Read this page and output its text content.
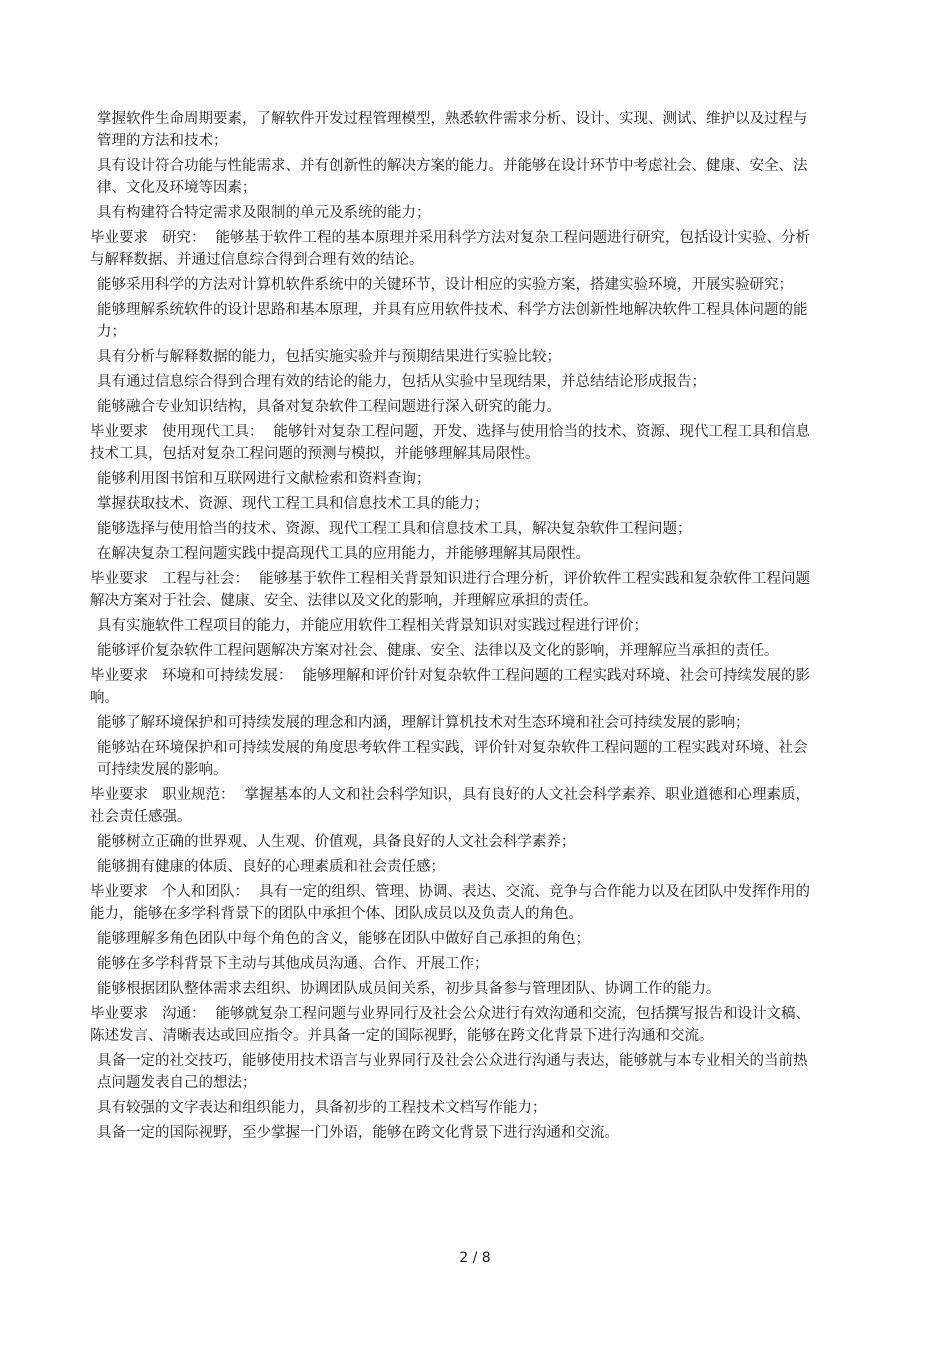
掌握软件生命周期要素，了解软件开发过程管理模型，熟悉软件需求分析、设计、实现、测试、维护以及过程与管理的方法和技术；

具有设计符合功能与性能需求、并有创新性的解决方案的能力。并能够在设计环节中考虑社会、健康、安全、法律、文化及环境等因素；

具有构建符合特定需求及限制的单元及系统的能力；

毕业要求 研究： 能够基于软件工程的基本原理并采用科学方法对复杂工程问题进行研究，包括设计实验、分析与解释数据、并通过信息综合得到合理有效的结论。

能够采用科学的方法对计算机软件系统中的关键环节，设计相应的实验方案，搭建实验环境，开展实验研究；

能够理解系统软件的设计思路和基本原理，并具有应用软件技术、科学方法创新性地解决软件工程具体问题的能力；

具有分析与解释数据的能力，包括实施实验并与预期结果进行实验比较；

具有通过信息综合得到合理有效的结论的能力，包括从实验中呈现结果，并总结结论形成报告；

能够融合专业知识结构，具备对复杂软件工程问题进行深入研究的能力。

毕业要求 使用现代工具： 能够针对复杂工程问题，开发、选择与使用恰当的技术、资源、现代工程工具和信息技术工具，包括对复杂工程问题的预测与模拟，并能够理解其局限性。

能够利用图书馆和互联网进行文献检索和资料查询；

掌握获取技术、资源、现代工程工具和信息技术工具的能力；

能够选择与使用恰当的技术、资源、现代工程工具和信息技术工具，解决复杂软件工程问题；

在解决复杂工程问题实践中提高现代工具的应用能力，并能够理解其局限性。

毕业要求 工程与社会： 能够基于软件工程相关背景知识进行合理分析，评价软件工程实践和复杂软件工程问题解决方案对于社会、健康、安全、法律以及文化的影响，并理解应承担的责任。

具有实施软件工程项目的能力，并能应用软件工程相关背景知识对实践过程进行评价；

能够评价复杂软件工程问题解决方案对社会、健康、安全、法律以及文化的影响，并理解应当承担的责任。

毕业要求 环境和可持续发展： 能够理解和评价针对复杂软件工程问题的工程实践对环境、社会可持续发展的影响。

能够了解环境保护和可持续发展的理念和内涵，理解计算机技术对生态环境和社会可持续发展的影响；

能够站在环境保护和可持续发展的角度思考软件工程实践，评价针对复杂软件工程问题的工程实践对环境、社会可持续发展的影响。

毕业要求 职业规范： 掌握基本的人文和社会科学知识，具有良好的人文社会科学素养、职业道德和心理素质，社会责任感强。

能够树立正确的世界观、人生观、价值观，具备良好的人文社会科学素养；

能够拥有健康的体质、良好的心理素质和社会责任感；

毕业要求 个人和团队： 具有一定的组织、管理、协调、表达、交流、竞争与合作能力以及在团队中发挥作用的能力，能够在多学科背景下的团队中承担个体、团队成员以及负责人的角色。

能够理解多角色团队中每个角色的含义，能够在团队中做好自己承担的角色；

能够在多学科背景下主动与其他成员沟通、合作、开展工作；

能够根据团队整体需求去组织、协调团队成员间关系，初步具备参与管理团队、协调工作的能力。

毕业要求 沟通： 能够就复杂工程问题与业界同行及社会公众进行有效沟通和交流，包括撰写报告和设计文稿、陈述发言、清晰表达或回应指令。并具备一定的国际视野，能够在跨文化背景下进行沟通和交流。

具备一定的社交技巧，能够使用技术语言与业界同行及社会公众进行沟通与表达，能够就与本专业相关的当前热点问题发表自己的想法；

具有较强的文字表达和组织能力，具备初步的工程技术文档写作能力；

具备一定的国际视野，至少掌握一门外语，能够在跨文化背景下进行沟通和交流。

2 / 8
